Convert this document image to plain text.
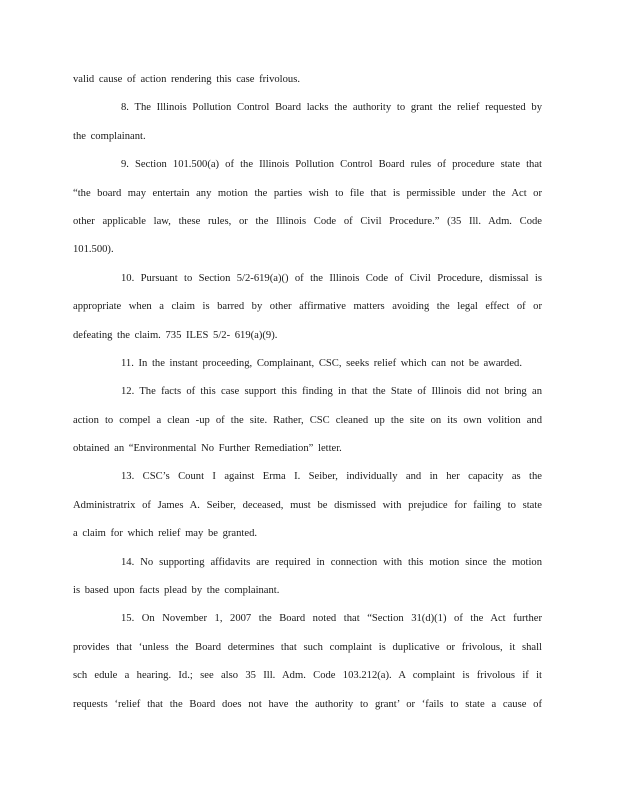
valid cause of action rendering this case frivolous.
8. The Illinois Pollution Control Board lacks the authority to grant the relief requested by
the complainant.
9. Section 101.500(a) of the Illinois Pollution Control Board rules of procedure state that
“the board may entertain any motion the parties wish to file that is permissible under the Act or
other applicable law, these rules, or the Illinois Code of Civil Procedure.” (35 Ill. Adm. Code
101.500).
10. Pursuant to Section 5/2-619(a)() of the Illinois Code of Civil Procedure, dismissal is
appropriate when a claim is barred by other affirmative matters avoiding the legal effect of or
defeating the claim. 735 ILES 5/2- 619(a)(9).
11. In the instant proceeding, Complainant, CSC, seeks relief which can not be awarded.
12. The facts of this case support this finding in that the State of Illinois did not bring an
action to compel a clean -up of the site. Rather, CSC cleaned up the site on its own volition and
obtained an “Environmental No Further Remediation” letter.
13. CSC’s Count I against Erma I. Seiber, individually and in her capacity as the
Administratrix of James A. Seiber, deceased, must be dismissed with prejudice for failing to state
a claim for which relief may be granted.
14. No supporting affidavits are required in connection with this motion since the motion
is based upon facts plead by the complainant.
15. On November 1, 2007 the Board noted that “Section 31(d)(1) of the Act further
provides that ‘unless the Board determines that such complaint is duplicative or frivolous, it shall
sch edule a hearing. Id.; see also 35 Ill. Adm. Code 103.212(a). A complaint is frivolous if it
requests ‘relief that the Board does not have the authority to grant’ or ‘fails to state a cause of
